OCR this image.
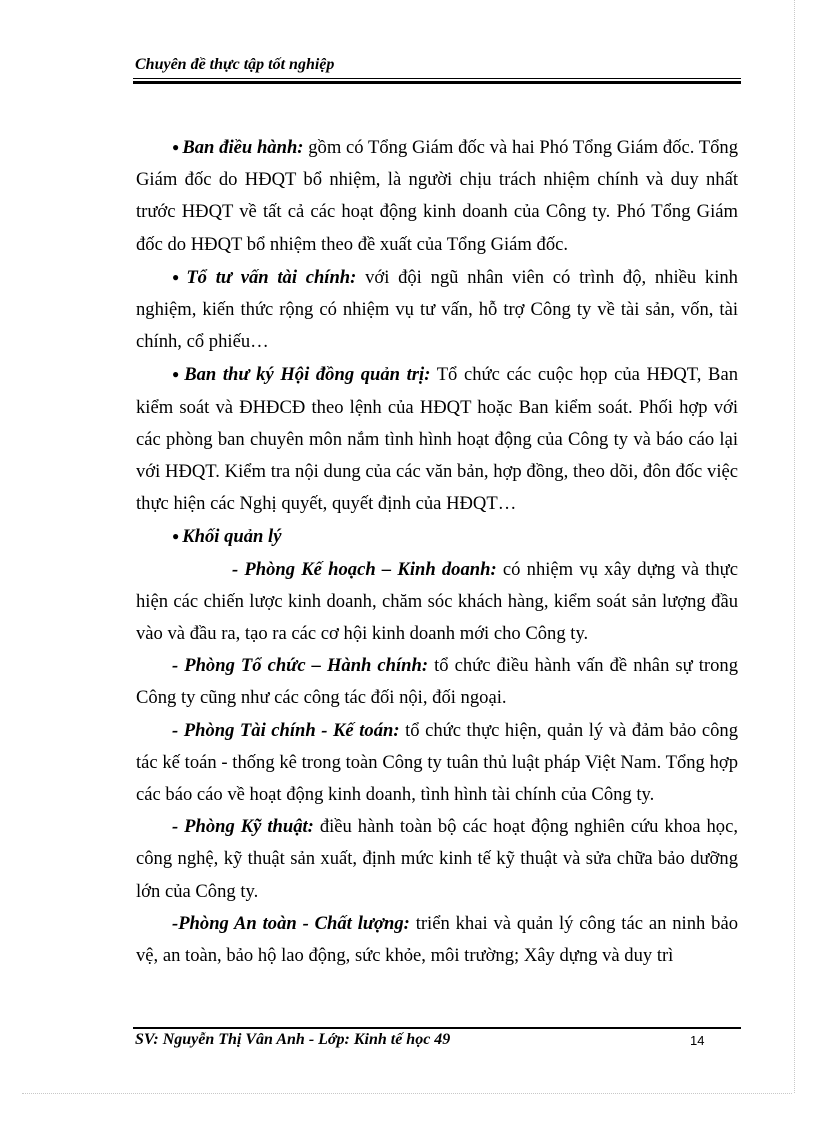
Chuyên đề thực tập tốt nghiệp

● Ban điều hành: gồm có Tổng Giám đốc và hai Phó Tổng Giám đốc. Tổng Giám đốc do HĐQT bổ nhiệm, là người chịu trách nhiệm chính và duy nhất trước HĐQT về tất cả các hoạt động kinh doanh của Công ty. Phó Tổng Giám đốc do HĐQT bổ nhiệm theo đề xuất của Tổng Giám đốc.

● Tổ tư vấn tài chính: với đội ngũ nhân viên có trình độ, nhiều kinh nghiệm, kiến thức rộng có nhiệm vụ tư vấn, hỗ trợ Công ty về tài sản, vốn, tài chính, cổ phiếu…

● Ban thư ký Hội đồng quản trị: Tổ chức các cuộc họp của HĐQT, Ban kiểm soát và ĐHĐCĐ theo lệnh của HĐQT hoặc Ban kiểm soát. Phối hợp với các phòng ban chuyên môn nắm tình hình hoạt động của Công ty và báo cáo lại với HĐQT. Kiểm tra nội dung của các văn bản, hợp đồng, theo dõi, đôn đốc việc thực hiện các Nghị quyết, quyết định của HĐQT…

● Khối quản lý

- Phòng Kế hoạch – Kinh doanh: có nhiệm vụ xây dựng và thực hiện các chiến lược kinh doanh, chăm sóc khách hàng, kiểm soát sản lượng đầu vào và đầu ra, tạo ra các cơ hội kinh doanh mới cho Công ty.

- Phòng Tổ chức – Hành chính: tổ chức điều hành vấn đề nhân sự trong Công ty cũng như các công tác đối nội, đối ngoại.

- Phòng Tài chính - Kế toán: tổ chức thực hiện, quản lý và đảm bảo công tác kế toán - thống kê trong toàn Công ty tuân thủ luật pháp Việt Nam. Tổng hợp các báo cáo về hoạt động kinh doanh, tình hình tài chính của Công ty.

- Phòng Kỹ thuật: điều hành toàn bộ các hoạt động nghiên cứu khoa học, công nghệ, kỹ thuật sản xuất, định mức kinh tế kỹ thuật và sửa chữa bảo dưỡng lớn của Công ty.

-Phòng An toàn - Chất lượng: triển khai và quản lý công tác an ninh bảo vệ, an toàn, bảo hộ lao động, sức khỏe, môi trường; Xây dựng và duy trì

SV: Nguyễn Thị Vân Anh - Lớp: Kinh tế học 49	14
